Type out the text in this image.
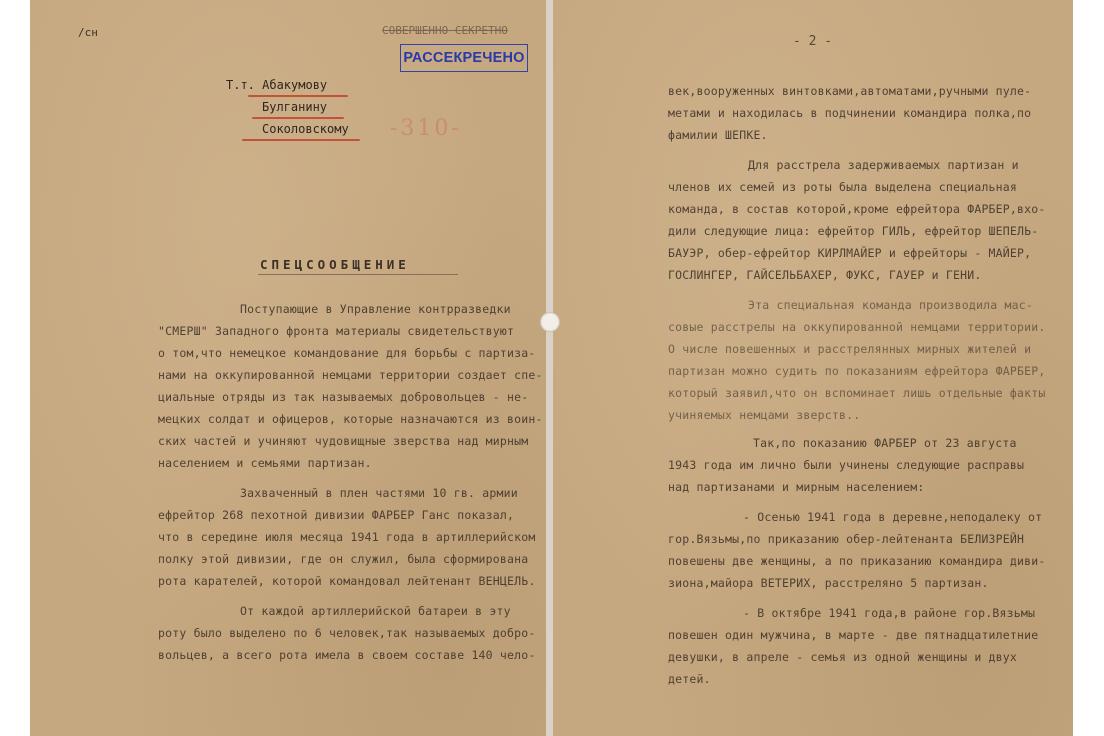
/сн	СОВЕРШЕННО СЕКРЕТНО
РАССЕКРЕЧЕНО
Т.т. Абакумову
Булганину
Соколовскому -310-
СПЕЦСООБЩЕНИЕ
Поступающие в Управление контрразведки
"СМЕРШ" Западного фронта материалы свидетельствуют
о том,что немецкое командование для борьбы с партиза-
нами на оккупированной немцами территории создает спе-
циальные отряды из так называемых добровольцев - не-
мецких солдат и офицеров, которые назначаются из воин-
ских частей и учиняют чудовищные зверства над мирным
населением и семьями партизан.
Захваченный в плен частями 10 гв. армии
ефрейтор 268 пехотной дивизии ФАРБЕР Ганс показал,
что в середине июля месяца 1941 года в артиллерийском
полку этой дивизии, где он служил, была сформирована
рота карателей, которой командовал лейтенант ВЕНЦЕЛЬ.
От каждой артиллерийской батареи в эту
роту было выделено по 6 человек,так называемых добро-
вольцев, а всего рота имела в своем составе 140 чело-
- 2 -
век,вооруженных винтовками,автоматами,ручными пуле-
метами и находилась в подчинении командира полка,по
фамилии ШЕПКЕ.
Для расстрела задерживаемых партизан и
членов их семей из роты была выделена специальная
команда, в состав которой,кроме ефрейтора ФАРБЕР,вхо-
дили следующие лица: ефрейтор ГИЛЬ, ефрейтор ШЕПЕЛЬ-
БАУЭР, обер-ефрейтор КИРЛМАЙЕР и ефрейторы - МАЙЕР,
ГОСЛИНГЕР, ГАЙСЕЛЬБАХЕР, ФУКС, ГАУЕР и ГЕНИ.
Эта специальная команда производила мас-
совые расстрелы на оккупированной немцами территории.
О числе повешенных и расстрелянных мирных жителей и
партизан можно судить по показаниям ефрейтора ФАРБЕР,
который заявил,что он вспоминает лишь отдельные факты
учиняемых немцами зверств..
Так,по показанию ФАРБЕР от 23 августа
1943 года им лично были учинены следующие расправы
над партизанами и мирным населением:
- Осенью 1941 года в деревне,неподалеку от
гор.Вязьмы,по приказанию обер-лейтенанта БЕЛИЗРЕЙН
повешены две женщины, а по приказанию командира диви-
зиона,майора ВЕТЕРИХ, расстреляно 5 партизан.
- В октябре 1941 года,в районе гор.Вязьмы
повешен один мужчина, в марте - две пятнадцатилетние
девушки, в апреле - семья из одной женщины и двух
детей.
